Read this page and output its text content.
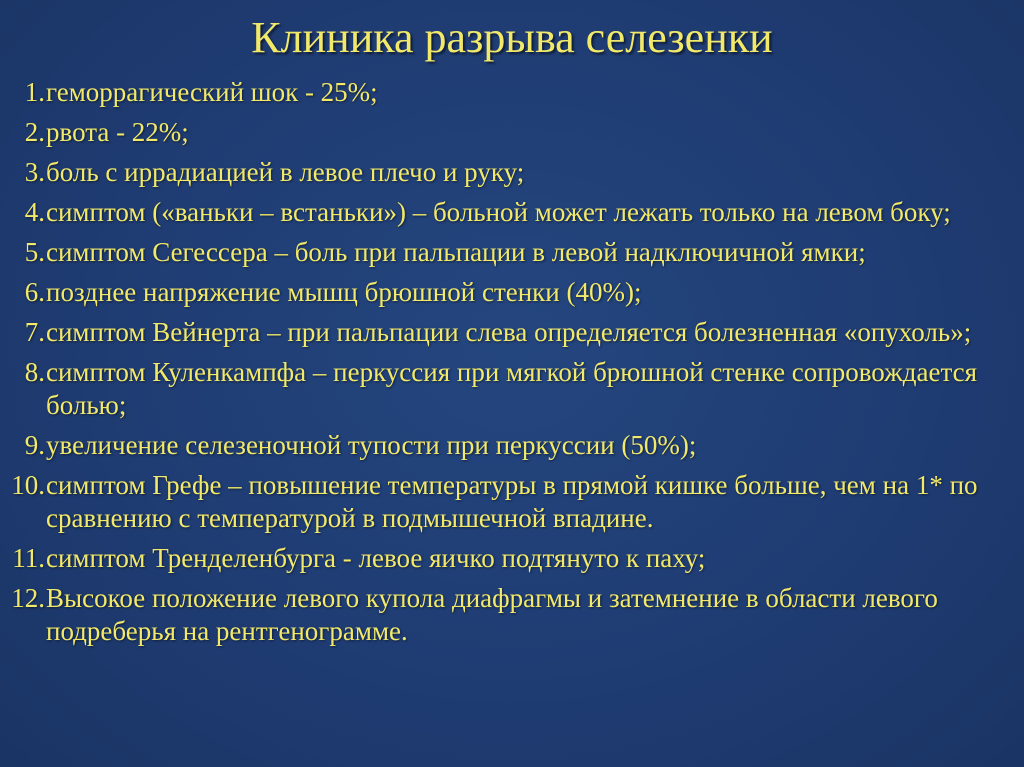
Клиника разрыва селезенки
1. геморрагический шок - 25%;
2. рвота - 22%;
3. боль с иррадиацией в левое плечо и руку;
4. симптом («ваньки – встаньки») – больной может лежать только на левом боку;
5. симптом Сегессера – боль при пальпации в левой надключичной ямки;
6. позднее напряжение мышц брюшной стенки (40%);
7. симптом Вейнерта – при пальпации слева определяется болезненная «опухоль»;
8. симптом Куленкампфа – перкуссия при мягкой брюшной стенке сопровождается болью;
9. увеличение селезеночной тупости при перкуссии (50%);
10. симптом Грефе – повышение температуры в прямой кишке больше, чем на 1* по сравнению с температурой в подмышечной впадине.
11. симптом Тренделенбурга - левое яичко подтянуто к паху;
12. Высокое положение левого купола диафрагмы и затемнение в области левого подреберья на рентгенограмме.
